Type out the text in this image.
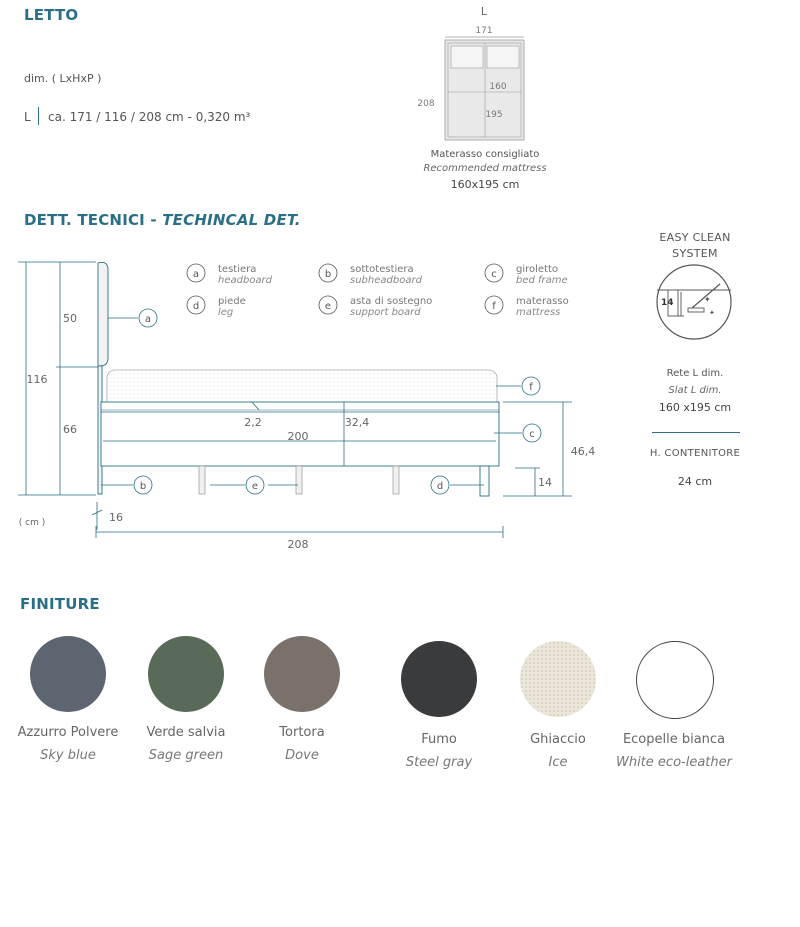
LETTO
dim. ( LxHxP )
L ca. 171 / 116 / 208 cm - 0,320 m³
L
171
160
195
208
Materasso consigliato
Recommended mattress
160x195 cm
DETT. TECNICI - TECHINCAL DET.
a testiera
headboard
b sottotestiera
subheadboard
c giroletto
bed frame
d piede
leg
e asta di sostegno
support board
f materasso
mattress
a
b	e	d
c
f
116
50
66
( cm )	16
208
200
2,2	32,4
46,4
14
EASY CLEAN
SYSTEM
✦
✦
14
Rete L dim.
Slat L dim.
160 x195 cm
H. CONTENITORE
24 cm
FINITURE
Azzurro Polvere
Sky blue
Verde salvia
Sage green
Tortora
Dove
Fumo
Steel gray
Ghiaccio
Ice
Ecopelle bianca
White eco-leather
